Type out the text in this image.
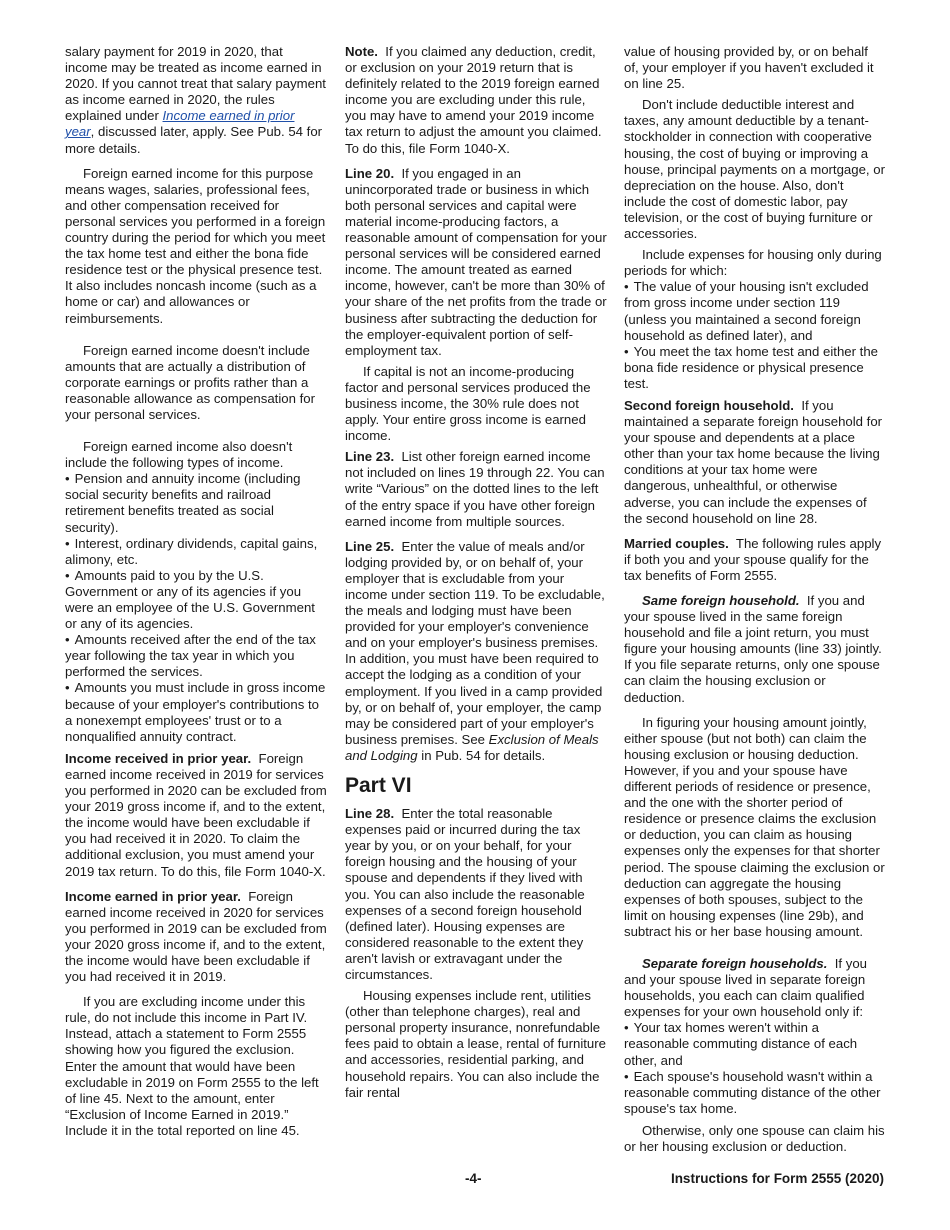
salary payment for 2019 in 2020, that income may be treated as income earned in 2020. If you cannot treat that salary payment as income earned in 2020, the rules explained under Income earned in prior year, discussed later, apply. See Pub. 54 for more details.

Foreign earned income for this purpose means wages, salaries, professional fees, and other compensation received for personal services you performed in a foreign country during the period for which you meet the tax home test and either the bona fide residence test or the physical presence test. It also includes noncash income (such as a home or car) and allowances or reimbursements.

Foreign earned income doesn't include amounts that are actually a distribution of corporate earnings or profits rather than a reasonable allowance as compensation for your personal services.

Foreign earned income also doesn't include the following types of income.

• Pension and annuity income (including social security benefits and railroad retirement benefits treated as social security).
• Interest, ordinary dividends, capital gains, alimony, etc.
• Amounts paid to you by the U.S. Government or any of its agencies if you were an employee of the U.S. Government or any of its agencies.
• Amounts received after the end of the tax year following the tax year in which you performed the services.
• Amounts you must include in gross income because of your employer's contributions to a nonexempt employees' trust or to a nonqualified annuity contract.

Income received in prior year. Foreign earned income received in 2019 for services you performed in 2020 can be excluded from your 2019 gross income if, and to the extent, the income would have been excludable if you had received it in 2020. To claim the additional exclusion, you must amend your 2019 tax return. To do this, file Form 1040-X.

Income earned in prior year. Foreign earned income received in 2020 for services you performed in 2019 can be excluded from your 2020 gross income if, and to the extent, the income would have been excludable if you had received it in 2019.

If you are excluding income under this rule, do not include this income in Part IV. Instead, attach a statement to Form 2555 showing how you figured the exclusion. Enter the amount that would have been excludable in 2019 on Form 2555 to the left of line 45. Next to the amount, enter “Exclusion of Income Earned in 2019.” Include it in the total reported on line 45.

Note. If you claimed any deduction, credit, or exclusion on your 2019 return that is definitely related to the 2019 foreign earned income you are excluding under this rule, you may have to amend your 2019 income tax return to adjust the amount you claimed. To do this, file Form 1040-X.

Line 20. If you engaged in an unincorporated trade or business in which both personal services and capital were material income-producing factors, a reasonable amount of compensation for your personal services will be considered earned income. The amount treated as earned income, however, can't be more than 30% of your share of the net profits from the trade or business after subtracting the deduction for the employer-equivalent portion of self-employment tax.

If capital is not an income-producing factor and personal services produced the business income, the 30% rule does not apply. Your entire gross income is earned income.

Line 23. List other foreign earned income not included on lines 19 through 22. You can write “Various” on the dotted lines to the left of the entry space if you have other foreign earned income from multiple sources.

Line 25. Enter the value of meals and/or lodging provided by, or on behalf of, your employer that is excludable from your income under section 119. To be excludable, the meals and lodging must have been provided for your employer's convenience and on your employer's business premises. In addition, you must have been required to accept the lodging as a condition of your employment. If you lived in a camp provided by, or on behalf of, your employer, the camp may be considered part of your employer's business premises. See Exclusion of Meals and Lodging in Pub. 54 for details.

Part VI

Line 28. Enter the total reasonable expenses paid or incurred during the tax year by you, or on your behalf, for your foreign housing and the housing of your spouse and dependents if they lived with you. You can also include the reasonable expenses of a second foreign household (defined later). Housing expenses are considered reasonable to the extent they aren't lavish or extravagant under the circumstances.

Housing expenses include rent, utilities (other than telephone charges), real and personal property insurance, nonrefundable fees paid to obtain a lease, rental of furniture and accessories, residential parking, and household repairs. You can also include the fair rental

value of housing provided by, or on behalf of, your employer if you haven't excluded it on line 25.

Don't include deductible interest and taxes, any amount deductible by a tenant-stockholder in connection with cooperative housing, the cost of buying or improving a house, principal payments on a mortgage, or depreciation on the house. Also, don't include the cost of domestic labor, pay television, or the cost of buying furniture or accessories.

Include expenses for housing only during periods for which:

• The value of your housing isn't excluded from gross income under section 119 (unless you maintained a second foreign household as defined later), and
• You meet the tax home test and either the bona fide residence or physical presence test.

Second foreign household. If you maintained a separate foreign household for your spouse and dependents at a place other than your tax home because the living conditions at your tax home were dangerous, unhealthful, or otherwise adverse, you can include the expenses of the second household on line 28.

Married couples. The following rules apply if both you and your spouse qualify for the tax benefits of Form 2555.

Same foreign household. If you and your spouse lived in the same foreign household and file a joint return, you must figure your housing amounts (line 33) jointly. If you file separate returns, only one spouse can claim the housing exclusion or deduction.

In figuring your housing amount jointly, either spouse (but not both) can claim the housing exclusion or housing deduction. However, if you and your spouse have different periods of residence or presence, and the one with the shorter period of residence or presence claims the exclusion or deduction, you can claim as housing expenses only the expenses for that shorter period. The spouse claiming the exclusion or deduction can aggregate the housing expenses of both spouses, subject to the limit on housing expenses (line 29b), and subtract his or her base housing amount.

Separate foreign households. If you and your spouse lived in separate foreign households, you each can claim qualified expenses for your own household only if:

• Your tax homes weren't within a reasonable commuting distance of each other, and
• Each spouse's household wasn't within a reasonable commuting distance of the other spouse's tax home.

Otherwise, only one spouse can claim his or her housing exclusion or deduction.

-4-	Instructions for Form 2555 (2020)
